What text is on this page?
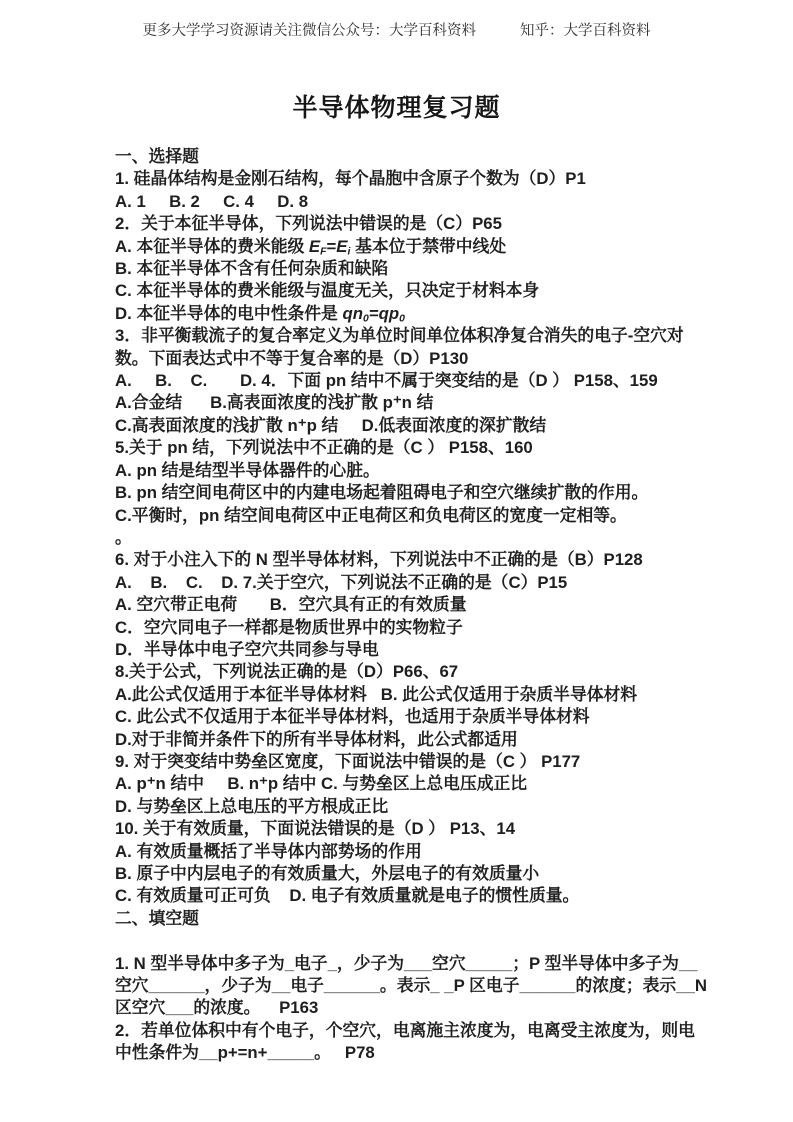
更多大学学习资源请关注微信公众号：大学百科资料	知乎：大学百科资料
半导体物理复习题
一、选择题
1. 硅晶体结构是金刚石结构，每个晶胞中含原子个数为（D）P1
A. 1     B. 2     C. 4     D. 8
2．关于本征半导体，下列说法中错误的是（C）P65
A. 本征半导体的费米能级 $E_F=E_i$ 基本位于禁带中线处
B. 本征半导体不含有任何杂质和缺陷
C. 本征半导体的费米能级与温度无关，只决定于材料本身
D. 本征半导体的电中性条件是 $qn_0=qp_0$
3．非平衡载流子的复合率定义为单位时间单位体积净复合消失的电子-空穴对
数。下面表达式中不等于复合率的是（D）P130
A.     B.    C.       D. 4．下面 pn 结中不属于突变结的是（D ） P158、159
A.合金结      B.高表面浓度的浅扩散 p⁺n 结
C.高表面浓度的浅扩散 n⁺p 结     D.低表面浓度的深扩散结
5.关于 pn 结，下列说法中不正确的是（C ） P158、160
A. pn 结是结型半导体器件的心脏。
B. pn 结空间电荷区中的内建电场起着阻碍电子和空穴继续扩散的作用。
C.平衡时，pn 结空间电荷区中正电荷区和负电荷区的宽度一定相等。
。
6. 对于小注入下的 N 型半导体材料，下列说法中不正确的是（B）P128
A.    B.    C.    D. 7.关于空穴，下列说法不正确的是（C）P15
A. 空穴带正电荷       B．空穴具有正的有效质量
C．空穴同电子一样都是物质世界中的实物粒子
D．半导体中电子空穴共同参与导电
8.关于公式，下列说法正确的是（D）P66、67
A.此公式仅适用于本征半导体材料   B. 此公式仅适用于杂质半导体材料
C. 此公式不仅适用于本征半导体材料，也适用于杂质半导体材料
D.对于非简并条件下的所有半导体材料，此公式都适用
9. 对于突变结中势垒区宽度，下面说法中错误的是（C ） P177
A. p⁺n 结中     B. n⁺p 结中 C. 与势垒区上总电压成正比
D. 与势垒区上总电压的平方根成正比
10. 关于有效质量，下面说法错误的是（D ） P13、14
A. 有效质量概括了半导体内部势场的作用
B. 原子中内层电子的有效质量大，外层电子的有效质量小
C. 有效质量可正可负    D. 电子有效质量就是电子的惯性质量。
二、填空题
1. N 型半导体中多子为_电子_，少子为___空穴_____；P 型半导体中多子为__
空穴______，少子为__电子______。表示_ _P 区电子______的浓度；表示__N
区空穴___的浓度。    P163
2．若单位体积中有个电子，个空穴，电离施主浓度为，电离受主浓度为，则电
中性条件为__p+=n+_____。   P78
